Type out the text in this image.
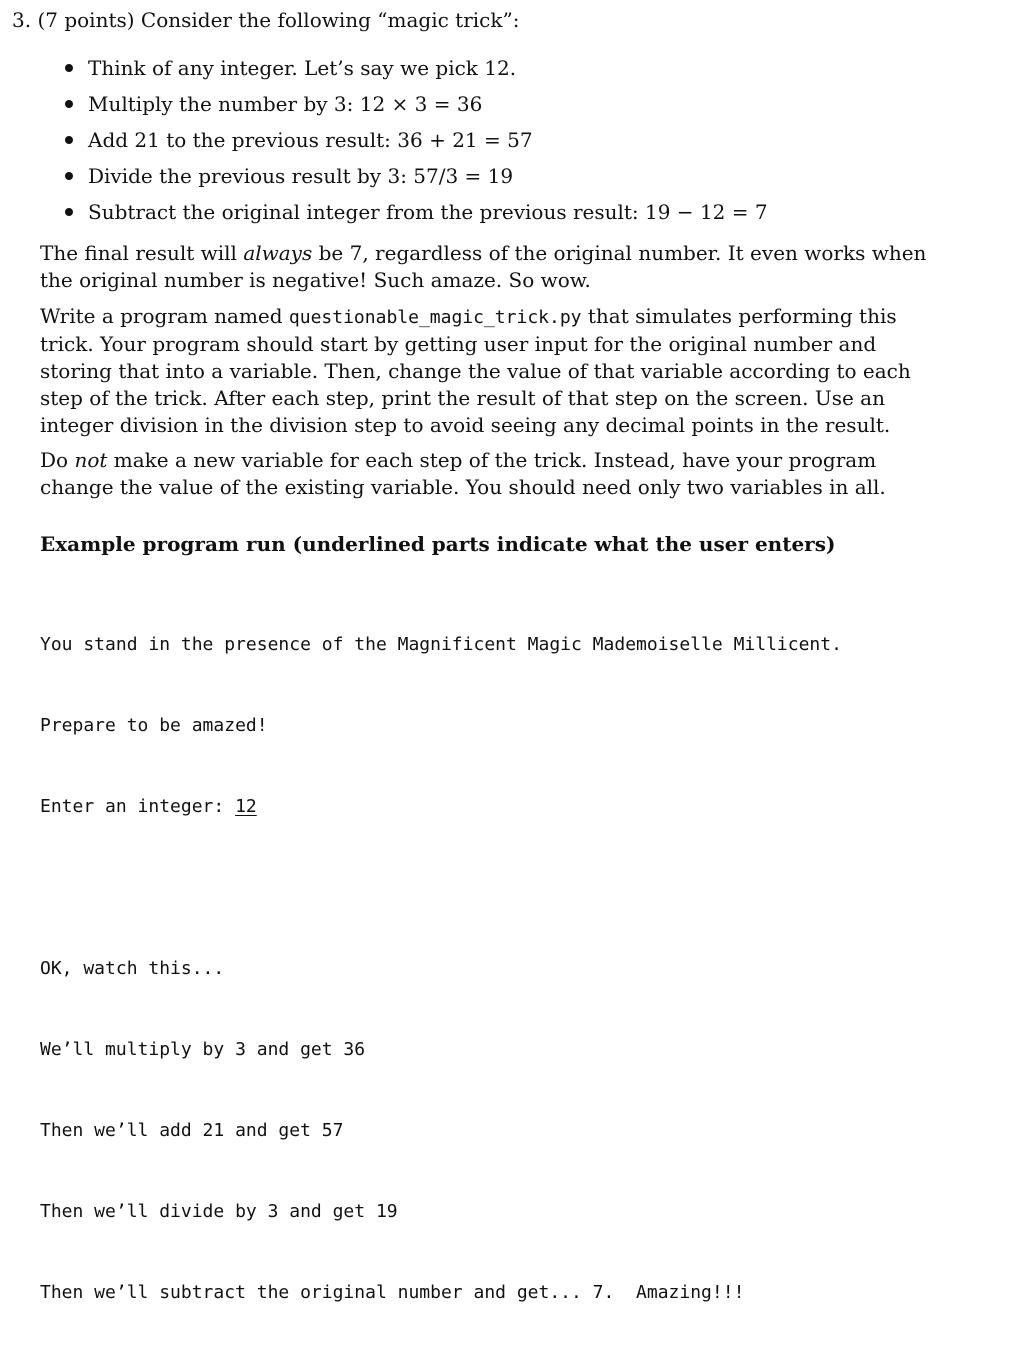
3. (7 points) Consider the following “magic trick”:
Think of any integer. Let’s say we pick 12.
Multiply the number by 3: 12 × 3 = 36
Add 21 to the previous result: 36 + 21 = 57
Divide the previous result by 3: 57/3 = 19
Subtract the original integer from the previous result: 19 − 12 = 7

The final result will always be 7, regardless of the original number. It even works when the original number is negative! Such amaze. So wow.

Write a program named questionable_magic_trick.py that simulates performing this trick. Your program should start by getting user input for the original number and storing that into a variable. Then, change the value of that variable according to each step of the trick. After each step, print the result of that step on the screen. Use an integer division in the division step to avoid seeing any decimal points in the result.

Do not make a new variable for each step of the trick. Instead, have your program change the value of the existing variable. You should need only two variables in all.

Example program run (underlined parts indicate what the user enters)

You stand in the presence of the Magnificent Magic Mademoiselle Millicent.

Prepare to be amazed!

Enter an integer: 12

OK, watch this...

We’ll multiply by 3 and get 36

Then we’ll add 21 and get 57

Then we’ll divide by 3 and get 19

Then we’ll subtract the original number and get... 7.  Amazing!!!
